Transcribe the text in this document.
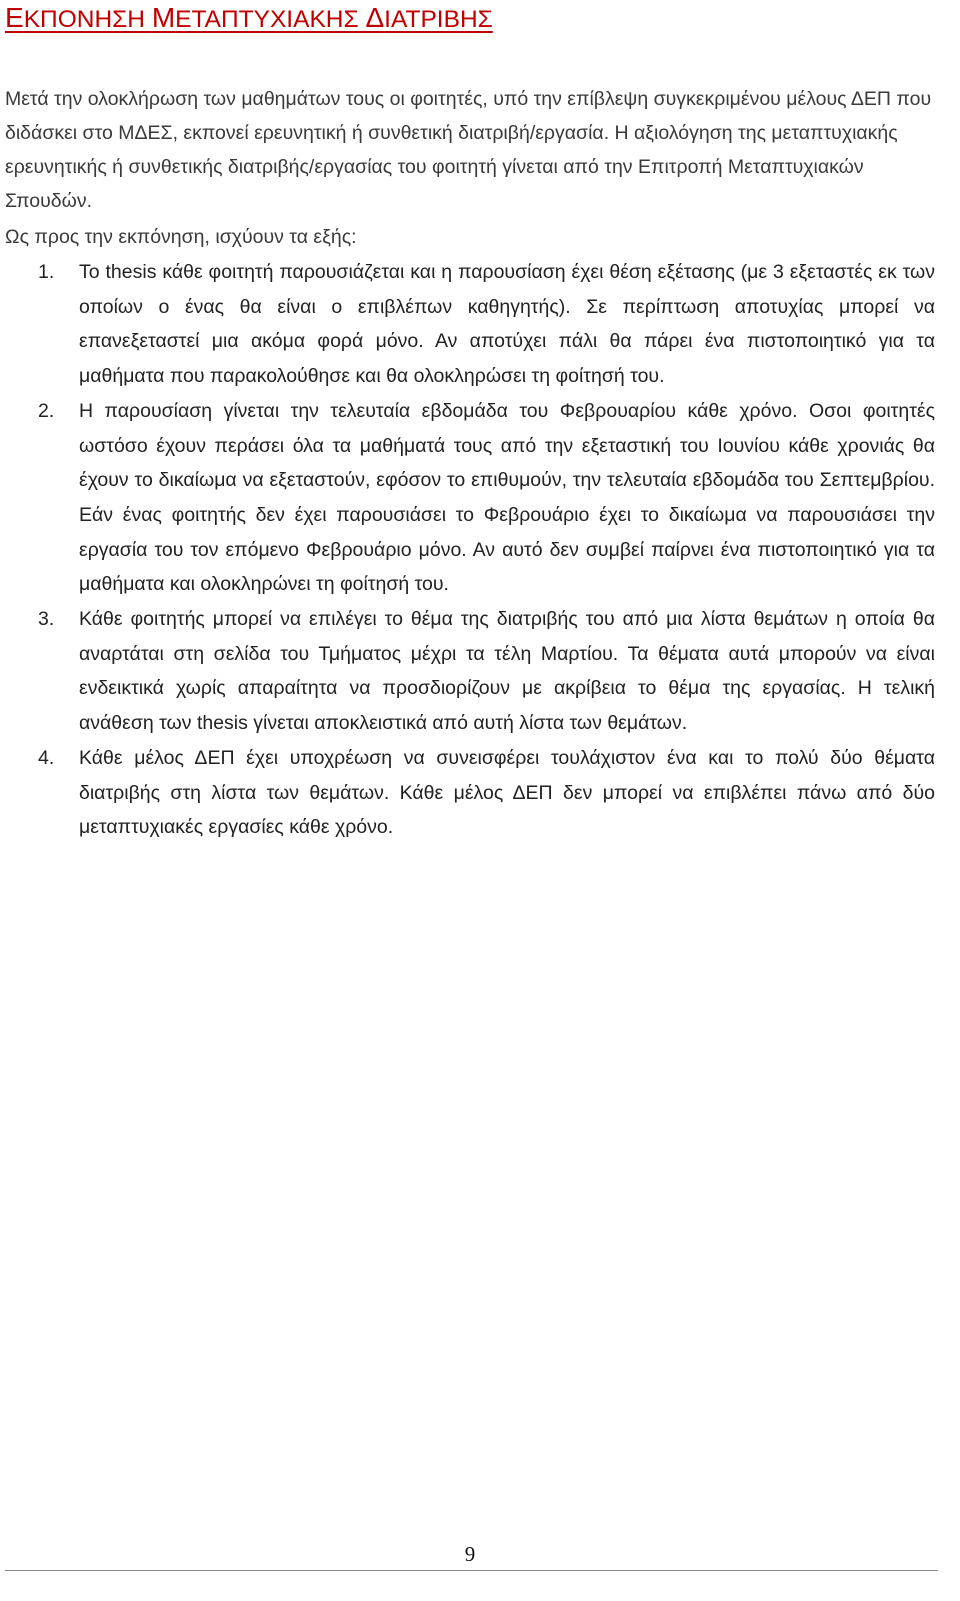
ΕΚΠΟΝΗΣΗ ΜΕΤΑΠΤΥΧΙΑΚΗΣ ΔΙΑΤΡΙΒΗΣ

Μετά την ολοκλήρωση των μαθημάτων τους οι φοιτητές, υπό την επίβλεψη συγκεκριμένου μέλους ΔΕΠ που διδάσκει στο ΜΔΕΣ, εκπονεί ερευνητική ή συνθετική διατριβή/εργασία. Η αξιολόγηση της μεταπτυχιακής ερευνητικής ή συνθετικής διατριβής/εργασίας του φοιτητή γίνεται από την Επιτροπή Μεταπτυχιακών Σπουδών.

Ως προς την εκπόνηση, ισχύουν τα εξής:

1. Το thesis κάθε φοιτητή παρουσιάζεται και η παρουσίαση έχει θέση εξέτασης (με 3 εξεταστές εκ των οποίων ο ένας θα είναι ο επιβλέπων καθηγητής). Σε περίπτωση αποτυχίας μπορεί να επανεξεταστεί μια ακόμα φορά μόνο. Αν αποτύχει πάλι θα πάρει ένα πιστοποιητικό για τα μαθήματα που παρακολούθησε και θα ολοκληρώσει τη φοίτησή του.
2. Η παρουσίαση γίνεται την τελευταία εβδομάδα του Φεβρουαρίου κάθε χρόνο. Οσοι φοιτητές ωστόσο έχουν περάσει όλα τα μαθήματά τους από την εξεταστική του Ιουνίου κάθε χρονιάς θα έχουν το δικαίωμα να εξεταστούν, εφόσον το επιθυμούν, την τελευταία εβδομάδα του Σεπτεμβρίου. Εάν ένας φοιτητής δεν έχει παρουσιάσει το Φεβρουάριο έχει το δικαίωμα να παρουσιάσει την εργασία του τον επόμενο Φεβρουάριο μόνο. Αν αυτό δεν συμβεί παίρνει ένα πιστοποιητικό για τα μαθήματα και ολοκληρώνει τη φοίτησή του.
3. Κάθε φοιτητής μπορεί να επιλέγει το θέμα της διατριβής του από μια λίστα θεμάτων η οποία θα αναρτάται στη σελίδα του Τμήματος μέχρι τα τέλη Μαρτίου. Τα θέματα αυτά μπορούν να είναι ενδεικτικά χωρίς απαραίτητα να προσδιορίζουν με ακρίβεια το θέμα της εργασίας. Η τελική ανάθεση των thesis γίνεται αποκλειστικά από αυτή λίστα των θεμάτων.
4. Κάθε μέλος ΔΕΠ έχει υποχρέωση να συνεισφέρει τουλάχιστον ένα και το πολύ δύο θέματα διατριβής στη λίστα των θεμάτων. Κάθε μέλος ΔΕΠ δεν μπορεί να επιβλέπει πάνω από δύο μεταπτυχιακές εργασίες κάθε χρόνο.
9
